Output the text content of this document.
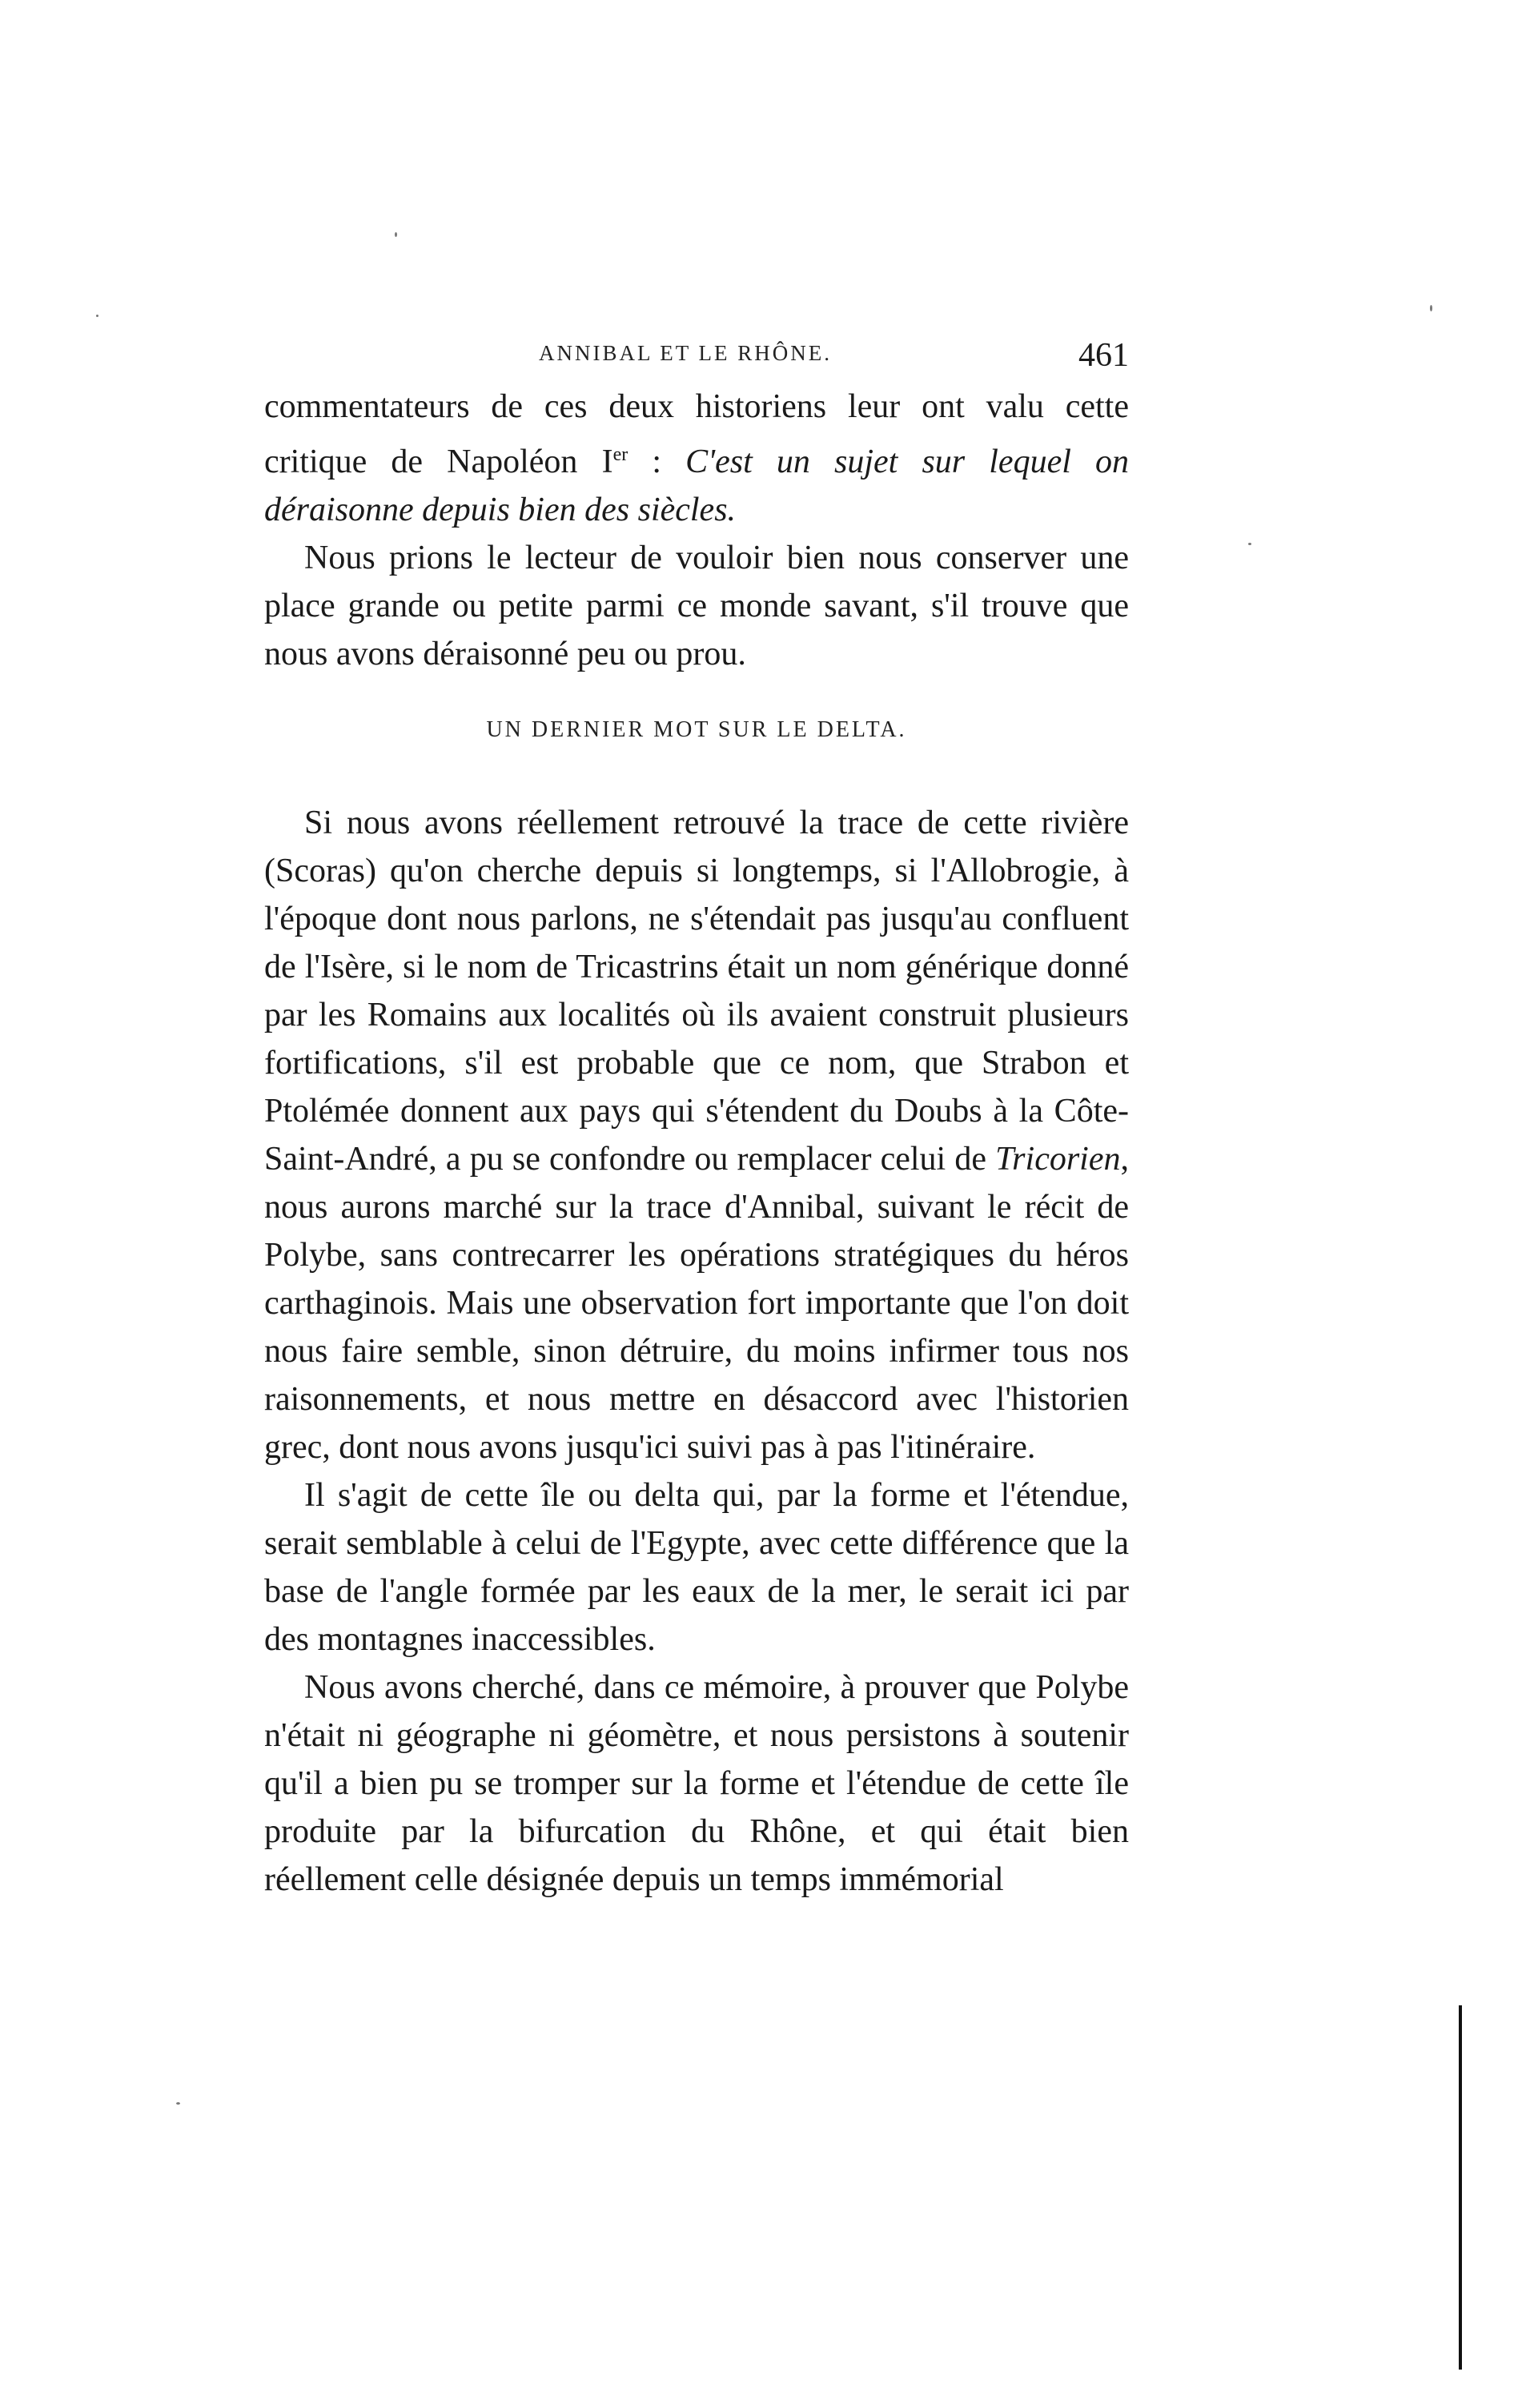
ANNIBAL ET LE RHÔNE.	461

commentateurs de ces deux historiens leur ont valu cette critique de Napoléon Ier : C'est un sujet sur lequel on déraisonne depuis bien des siècles.

Nous prions le lecteur de vouloir bien nous conserver une place grande ou petite parmi ce monde savant, s'il trouve que nous avons déraisonné peu ou prou.

UN DERNIER MOT SUR LE DELTA.

Si nous avons réellement retrouvé la trace de cette rivière (Scoras) qu'on cherche depuis si longtemps, si l'Allobrogie, à l'époque dont nous parlons, ne s'étendait pas jusqu'au confluent de l'Isère, si le nom de Tricastrins était un nom générique donné par les Romains aux localités où ils avaient construit plusieurs fortifications, s'il est probable que ce nom, que Strabon et Ptolémée donnent aux pays qui s'étendent du Doubs à la Côte-Saint-André, a pu se confondre ou remplacer celui de Tricorien, nous aurons marché sur la trace d'Annibal, suivant le récit de Polybe, sans contrecarrer les opérations stratégiques du héros carthaginois. Mais une observation fort importante que l'on doit nous faire semble, sinon détruire, du moins infirmer tous nos raisonnements, et nous mettre en désaccord avec l'historien grec, dont nous avons jusqu'ici suivi pas à pas l'itinéraire.

Il s'agit de cette île ou delta qui, par la forme et l'étendue, serait semblable à celui de l'Egypte, avec cette différence que la base de l'angle formée par les eaux de la mer, le serait ici par des montagnes inaccessibles.

Nous avons cherché, dans ce mémoire, à prouver que Polybe n'était ni géographe ni géomètre, et nous persistons à soutenir qu'il a bien pu se tromper sur la forme et l'étendue de cette île produite par la bifurcation du Rhône, et qui était bien réellement celle désignée depuis un temps immémorial
